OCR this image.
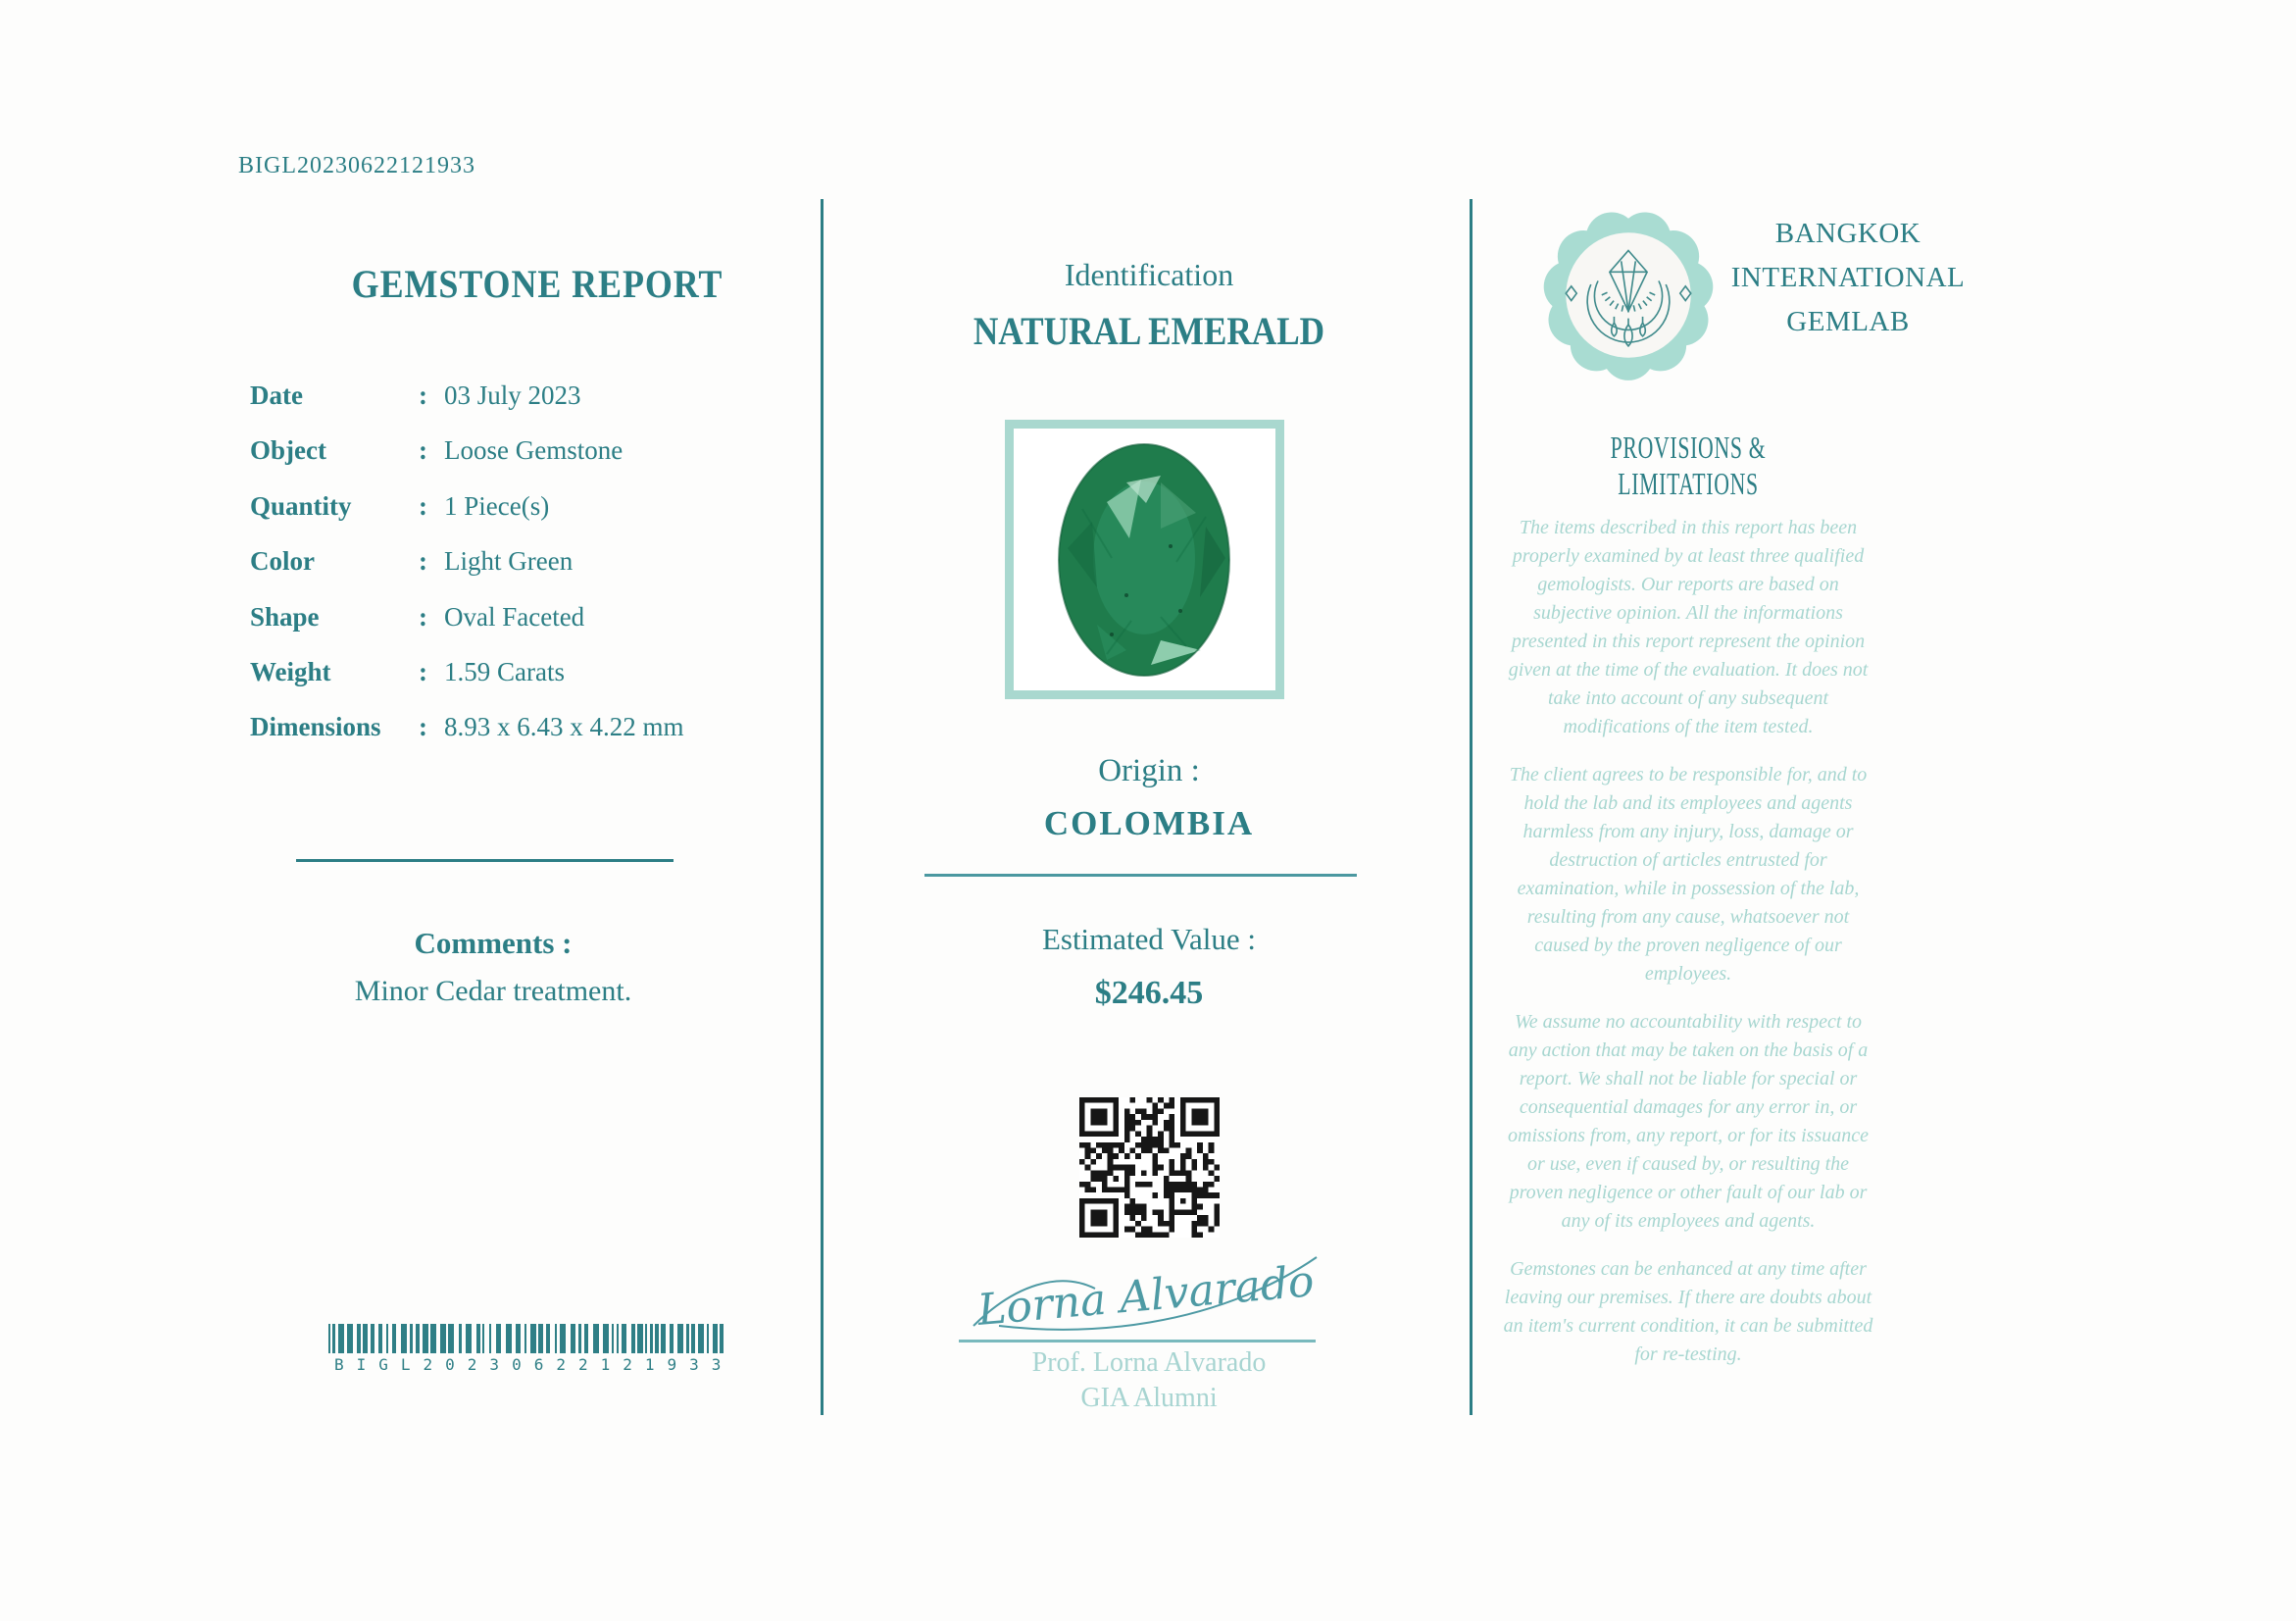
BIGL20230622121933
GEMSTONE REPORT
Date	: 03 July 2023
Object	: Loose Gemstone
Quantity	: 1 Piece(s)
Color	: Light Green
Shape	: Oval Faceted
Weight	: 1.59 Carats
Dimensions	: 8.93 x 6.43 x 4.22 mm
Comments :
Minor Cedar treatment.
BIGL20230622121933
Identification
NATURAL EMERALD
Origin :
COLOMBIA
Estimated Value :
$246.45
Lorna Alvarado
Prof. Lorna Alvarado
GIA Alumni
BANGKOK
INTERNATIONAL
GEMLAB
PROVISIONS & LIMITATIONS

The items described in this report has been properly examined by at least three qualified gemologists. Our reports are based on subjective opinion. All the informations presented in this report represent the opinion given at the time of the evaluation. It does not take into account of any subsequent modifications of the item tested.

The client agrees to be responsible for, and to hold the lab and its employees and agents harmless from any injury, loss, damage or destruction of articles entrusted for examination, while in possession of the lab, resulting from any cause, whatsoever not caused by the proven negligence of our employees.

We assume no accountability with respect to any action that may be taken on the basis of a report. We shall not be liable for special or consequential damages for any error in, or omissions from, any report, or for its issuance or use, even if caused by, or resulting the proven negligence or other fault of our lab or any of its employees and agents.

Gemstones can be enhanced at any time after leaving our premises. If there are doubts about an item's current condition, it can be submitted for re-testing.
